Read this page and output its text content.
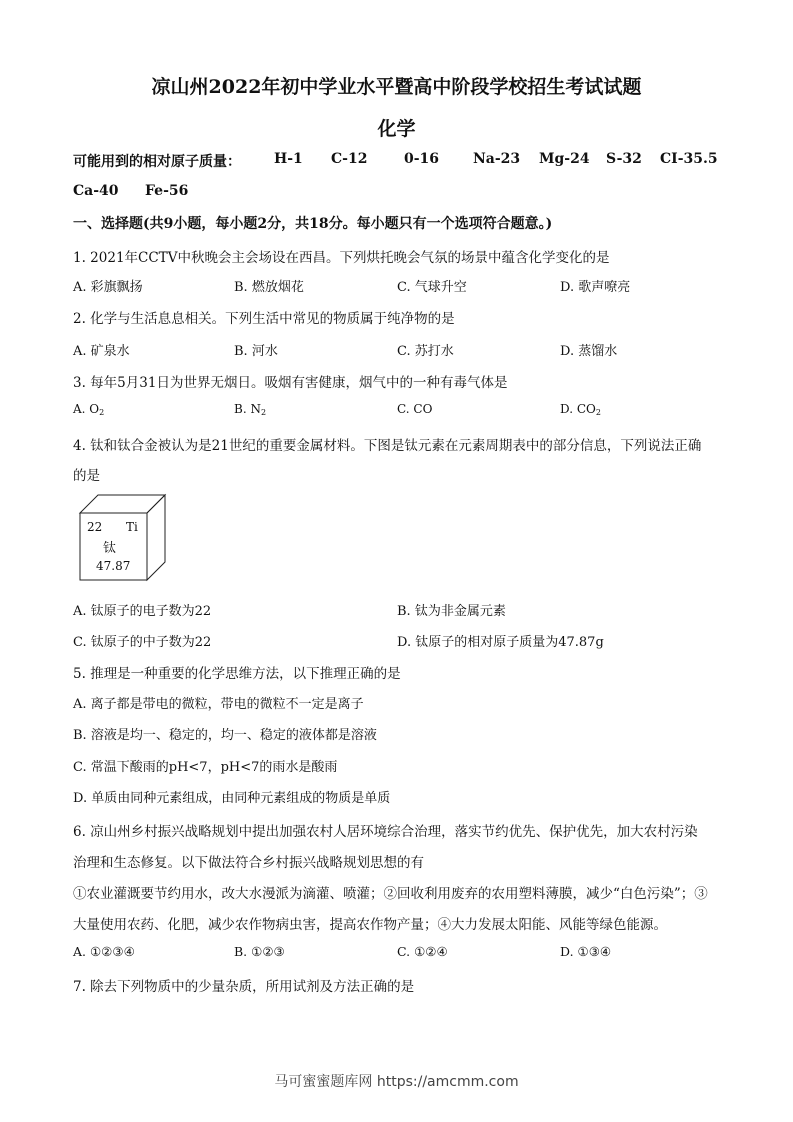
凉山州2022年初中学业水平暨高中阶段学校招生考试试题
化学
可能用到的相对原子质量： H-1 C-12	0-16 Na-23 Mg-24 S-32 CI-35.5
Ca-40 Fe-56
一、选择题(共9小题，每小题2分，共18分。每小题只有一个选项符合题意。)
1. 2021年CCTV中秋晚会主会场设在西昌。下列烘托晚会气氛的场景中蕴含化学变化的是
A. 彩旗飘扬	B. 燃放烟花	C. 气球升空	D. 歌声嘹亮
2. 化学与生活息息相关。下列生活中常见的物质属于纯净物的是
A. 矿泉水	B. 河水	C. 苏打水	D. 蒸馏水
3. 每年5月31日为世界无烟日。吸烟有害健康，烟气中的一种有毒气体是
A. $O_2$	B. $N_2$	C. CO	D. $CO_2$
4. 钛和钛合金被认为是21世纪的重要金属材料。下图是钛元素在元素周期表中的部分信息，下列说法正确
的是
22 Ti
钛
47.87
A. 钛原子的电子数为22	B. 钛为非金属元素
C. 钛原子的中子数为22	D. 钛原子的相对原子质量为47.87g
5. 推理是一种重要的化学思维方法，以下推理正确的是
A. 离子都是带电的微粒，带电的微粒不一定是离子
B. 溶液是均一、稳定的，均一、稳定的液体都是溶液
C. 常温下酸雨的pH<7，pH<7的雨水是酸雨
D. 单质由同种元素组成，由同种元素组成的物质是单质
6. 凉山州乡村振兴战略规划中提出加强农村人居环境综合治理，落实节约优先、保护优先，加大农村污染
治理和生态修复。以下做法符合乡村振兴战略规划思想的有
①农业灌溉要节约用水，改大水漫派为滴灌、喷灌；②回收利用废弃的农用塑料薄膜，减少“白色污染”；③
大量使用农药、化肥，减少农作物病虫害，提高农作物产量；④大力发展太阳能、风能等绿色能源。
A. ①②③④	B. ①②③	C. ①②④	D. ①③④
7. 除去下列物质中的少量杂质，所用试剂及方法正确的是
马可蜜蜜题库网 https://amcmm.com
